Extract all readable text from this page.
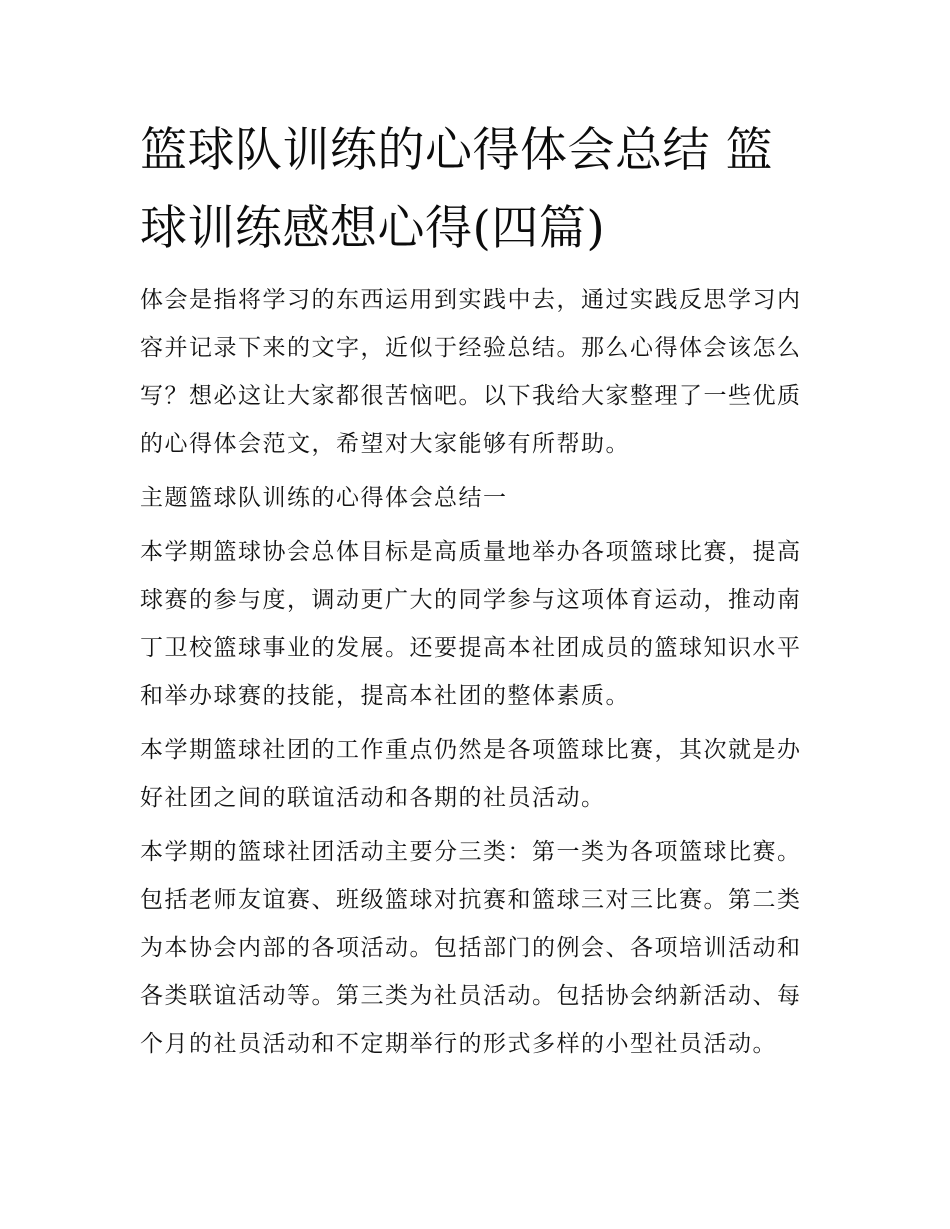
篮球队训练的心得体会总结 篮
球训练感想心得(四篇)

体会是指将学习的东西运用到实践中去，通过实践反思学习内
容并记录下来的文字，近似于经验总结。那么心得体会该怎么
写？想必这让大家都很苦恼吧。以下我给大家整理了一些优质
的心得体会范文，希望对大家能够有所帮助。

主题篮球队训练的心得体会总结一

本学期篮球协会总体目标是高质量地举办各项篮球比赛，提高
球赛的参与度，调动更广大的同学参与这项体育运动，推动南
丁卫校篮球事业的发展。还要提高本社团成员的篮球知识水平
和举办球赛的技能，提高本社团的整体素质。

本学期篮球社团的工作重点仍然是各项篮球比赛，其次就是办
好社团之间的联谊活动和各期的社员活动。

本学期的篮球社团活动主要分三类：第一类为各项篮球比赛。
包括老师友谊赛、班级篮球对抗赛和篮球三对三比赛。第二类
为本协会内部的各项活动。包括部门的例会、各项培训活动和
各类联谊活动等。第三类为社员活动。包括协会纳新活动、每
个月的社员活动和不定期举行的形式多样的小型社员活动。
